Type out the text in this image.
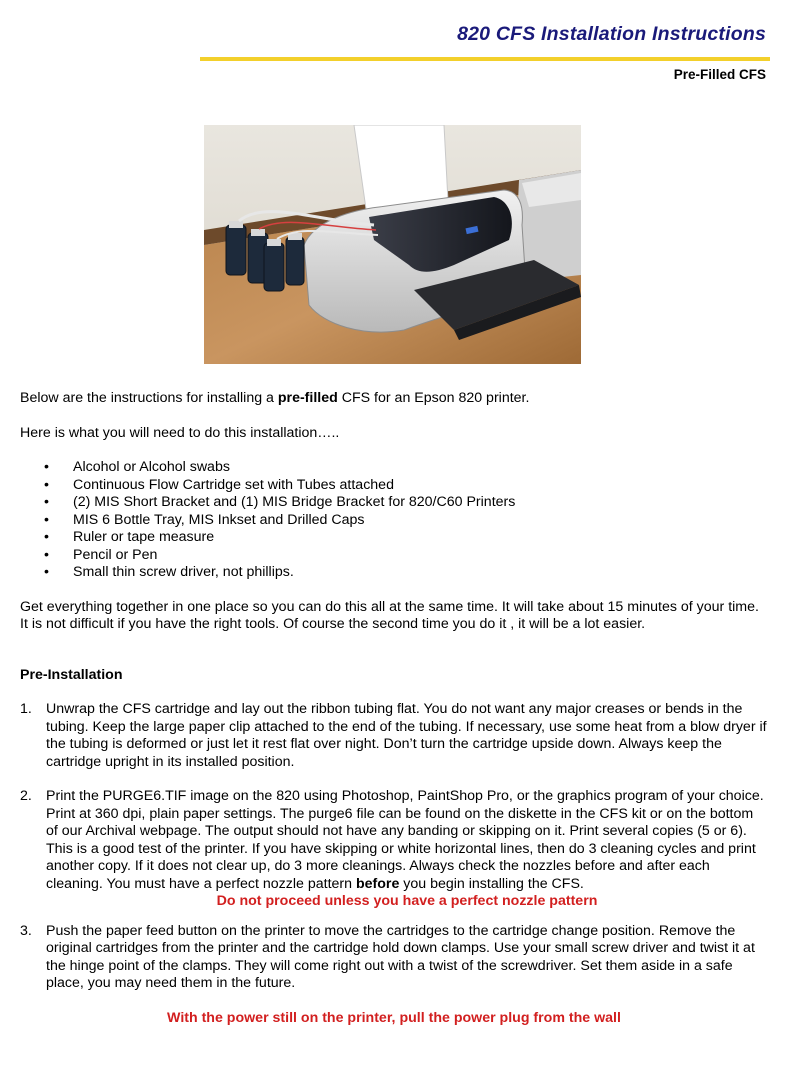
820 CFS Installation Instructions
Pre-Filled CFS

Below are the instructions for installing a pre-filled CFS for an Epson 820 printer.

Here is what you will need to do this installation…..

• Alcohol or Alcohol swabs
• Continuous Flow Cartridge set with Tubes attached
• (2) MIS Short Bracket and (1) MIS Bridge Bracket for 820/C60 Printers
• MIS 6 Bottle Tray, MIS Inkset and Drilled Caps
• Ruler or tape measure
• Pencil or Pen
• Small thin screw driver, not phillips.

Get everything together in one place so you can do this all at the same time. It will take about 15 minutes of your time. It is not difficult if you have the right tools. Of course the second time you do it , it will be a lot easier.

Pre-Installation

1. Unwrap the CFS cartridge and lay out the ribbon tubing flat. You do not want any major creases or bends in the tubing. Keep the large paper clip attached to the end of the tubing. If necessary, use some heat from a blow dryer if the tubing is deformed or just let it rest flat over night. Don’t turn the cartridge upside down. Always keep the cartridge upright in its installed position.
2. Print the PURGE6.TIF image on the 820 using Photoshop, PaintShop Pro, or the graphics program of your choice. Print at 360 dpi, plain paper settings. The purge6 file can be found on the diskette in the CFS kit or on the bottom of our Archival webpage. The output should not have any banding or skipping on it. Print several copies (5 or 6). This is a good test of the printer. If you have skipping or white horizontal lines, then do 3 cleaning cycles and print another copy. If it does not clear up, do 3 more cleanings. Always check the nozzles before and after each cleaning. You must have a perfect nozzle pattern before you begin installing the CFS.

Do not proceed unless you have a perfect nozzle pattern

3. Push the paper feed button on the printer to move the cartridges to the cartridge change position. Remove the original cartridges from the printer and the cartridge hold down clamps. Use your small screw driver and twist it at the hinge point of the clamps. They will come right out with a twist of the screwdriver. Set them aside in a safe place, you may need them in the future.

With the power still on the printer, pull the power plug from the wall
